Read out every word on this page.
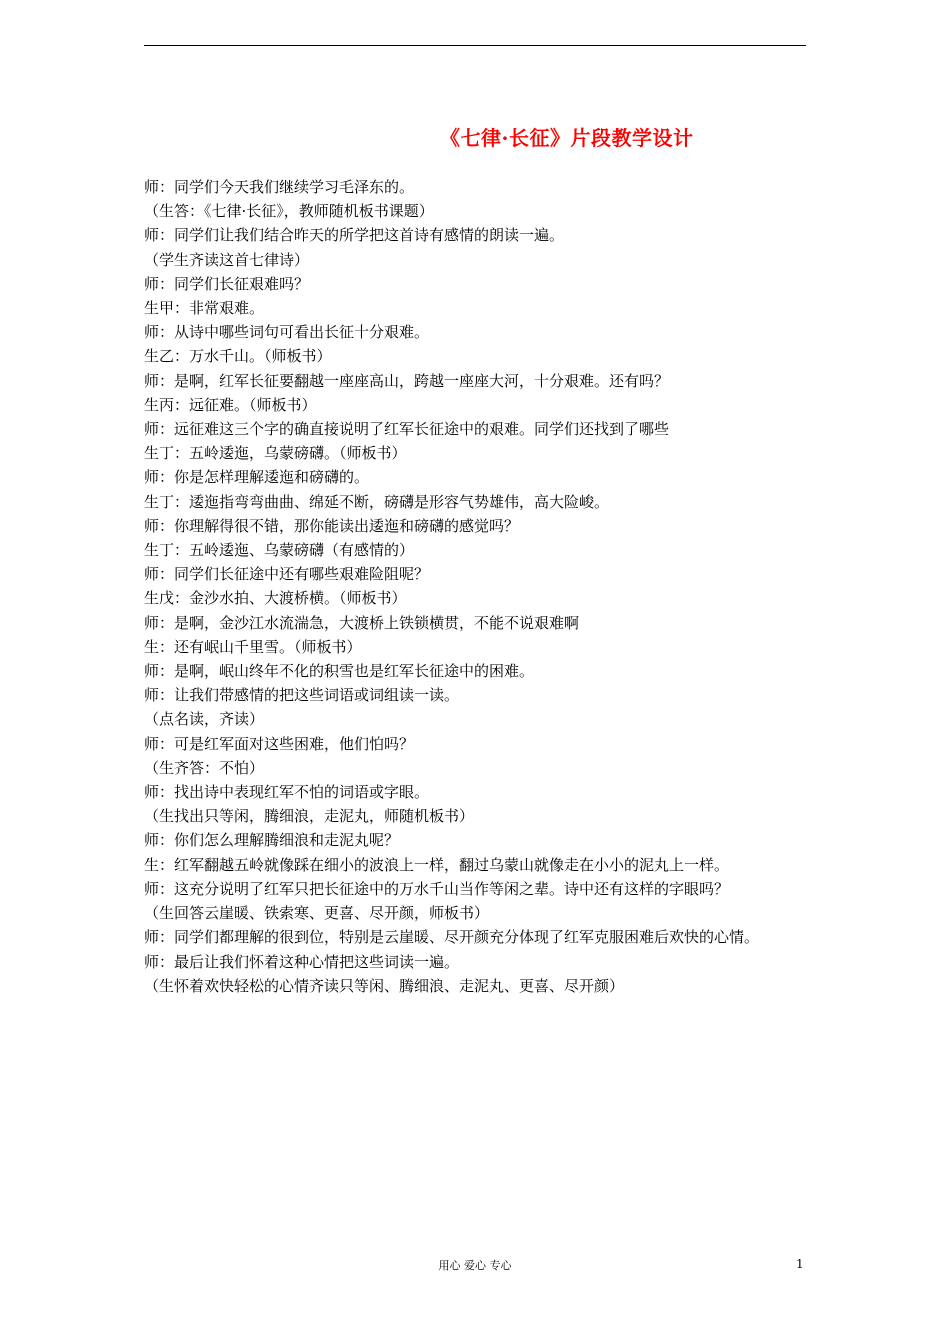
《七律·长征》片段教学设计

师：同学们今天我们继续学习毛泽东的。

（生答：《七律·长征》，教师随机板书课题）

师：同学们让我们结合昨天的所学把这首诗有感情的朗读一遍。

（学生齐读这首七律诗）

师：同学们长征艰难吗？

生甲：非常艰难。

师：从诗中哪些词句可看出长征十分艰难。

生乙：万水千山。（师板书）

师：是啊，红军长征要翻越一座座高山，跨越一座座大河，十分艰难。还有吗？

生丙：远征难。（师板书）

师：远征难这三个字的确直接说明了红军长征途中的艰难。同学们还找到了哪些

生丁：五岭逶迤，乌蒙磅礴。（师板书）

师：你是怎样理解逶迤和磅礴的。

生丁：逶迤指弯弯曲曲、绵延不断，磅礴是形容气势雄伟，高大险峻。

师：你理解得很不错，那你能读出逶迤和磅礴的感觉吗？

生丁：五岭逶迤、乌蒙磅礴（有感情的）

师：同学们长征途中还有哪些艰难险阻呢？

生戊：金沙水拍、大渡桥横。（师板书）

师：是啊，金沙江水流湍急，大渡桥上铁锁横贯，不能不说艰难啊

生：还有岷山千里雪。（师板书）

师：是啊，岷山终年不化的积雪也是红军长征途中的困难。

师：让我们带感情的把这些词语或词组读一读。

（点名读，齐读）

师：可是红军面对这些困难，他们怕吗？

（生齐答：不怕）

师：找出诗中表现红军不怕的词语或字眼。

（生找出只等闲，腾细浪，走泥丸，师随机板书）

师：你们怎么理解腾细浪和走泥丸呢？

生：红军翻越五岭就像踩在细小的波浪上一样，翻过乌蒙山就像走在小小的泥丸上一样。

师：这充分说明了红军只把长征途中的万水千山当作等闲之辈。诗中还有这样的字眼吗？

（生回答云崖暖、铁索寒、更喜、尽开颜，师板书）

师：同学们都理解的很到位，特别是云崖暖、尽开颜充分体现了红军克服困难后欢快的心情。

师：最后让我们怀着这种心情把这些词读一遍。

（生怀着欢快轻松的心情齐读只等闲、腾细浪、走泥丸、更喜、尽开颜）

用心 爱心 专心	1
